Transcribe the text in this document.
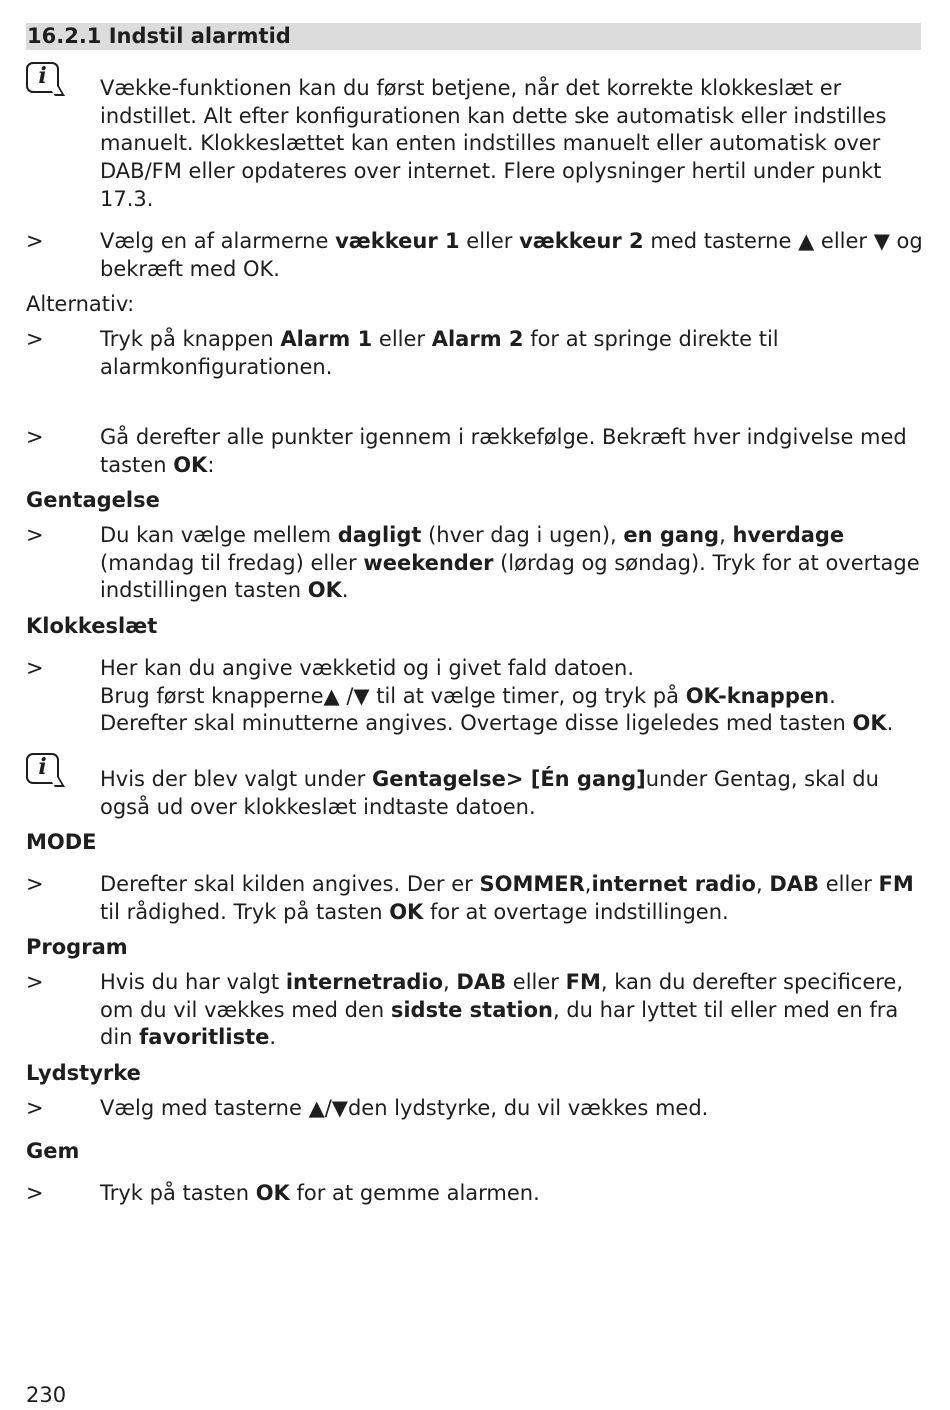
16.2.1 Indstil alarmtid
i	Vække-funktionen kan du først betjene, når det korrekte klokkeslæt er indstillet. Alt efter konfigurationen kan dette ske automatisk eller indstilles manuelt. Klokkeslættet kan enten indstilles manuelt eller automatisk over DAB/FM eller opdateres over internet. Flere oplysninger hertil under punkt 17.3.
>	Vælg en af alarmerne vækkeur 1 eller vækkeur 2 med tasterne ▲ eller ▼ og bekræft med OK.
Alternativ:
>	Tryk på knappen Alarm 1 eller Alarm 2 for at springe direkte til alarmkonfigurationen.
>	Gå derefter alle punkter igennem i rækkefølge. Bekræft hver indgivelse med tasten OK:
Gentagelse
>	Du kan vælge mellem dagligt (hver dag i ugen), en gang, hverdage (mandag til fredag) eller weekender (lørdag og søndag). Tryk for at overtage indstillingen tasten OK.
Klokkeslæt
>	Her kan du angive vækketid og i givet fald datoen.
Brug først knapperne▲ /▼ til at vælge timer, og tryk på OK-knappen.
Derefter skal minutterne angives. Overtage disse ligeledes med tasten OK.
i	Hvis der blev valgt under Gentagelse> [Én gang]under Gentag, skal du også ud over klokkeslæt indtaste datoen.
MODE
>	Derefter skal kilden angives. Der er SOMMER,internet radio, DAB eller FM til rådighed. Tryk på tasten OK for at overtage indstillingen.
Program
>	Hvis du har valgt internetradio, DAB eller FM, kan du derefter specificere, om du vil vækkes med den sidste station, du har lyttet til eller med en fra din favoritliste.
Lydstyrke
>	Vælg med tasterne ▲/▼den lydstyrke, du vil vækkes med.
Gem
>	Tryk på tasten OK for at gemme alarmen.
230
